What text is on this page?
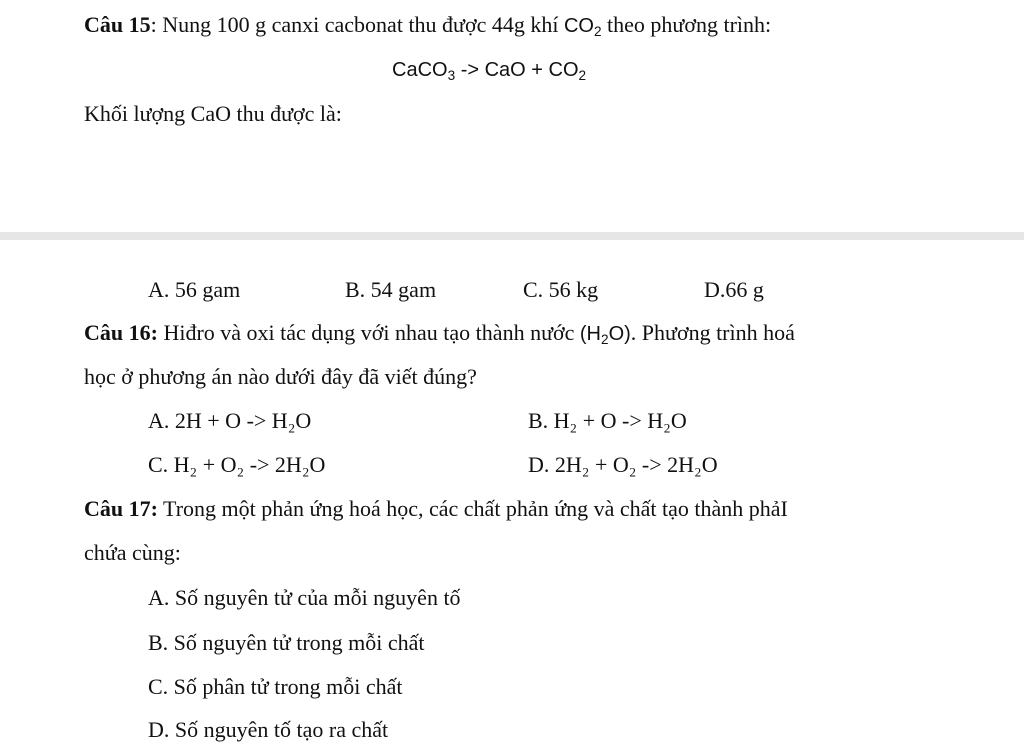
Câu 15: Nung 100 g canxi cacbonat thu được 44g khí $CO_2$ theo phương trình:
CaCO$_3$ -> CaO + $CO_2$
Khối lượng CaO thu được là:
A. 56 gam	B. 54 gam	C. 56 kg	D.66 g
Câu 16: Hiđro và oxi tác dụng với nhau tạo thành nước $(H_2O)$. Phương trình hoá
học ở phương án nào dưới đây đã viết đúng?
A. 2H + O -> H₂O	B. H₂ + O -> H₂O
C. H₂ + O₂ -> 2H₂O	D. 2H₂ + O₂ -> 2H₂O
Câu 17: Trong một phản ứng hoá học, các chất phản ứng và chất tạo thành phảI
chứa cùng:
A. Số nguyên tử của mỗi nguyên tố
B. Số nguyên tử trong mỗi chất
C. Số phân tử trong mỗi chất
D. Số nguyên tố tạo ra chất
